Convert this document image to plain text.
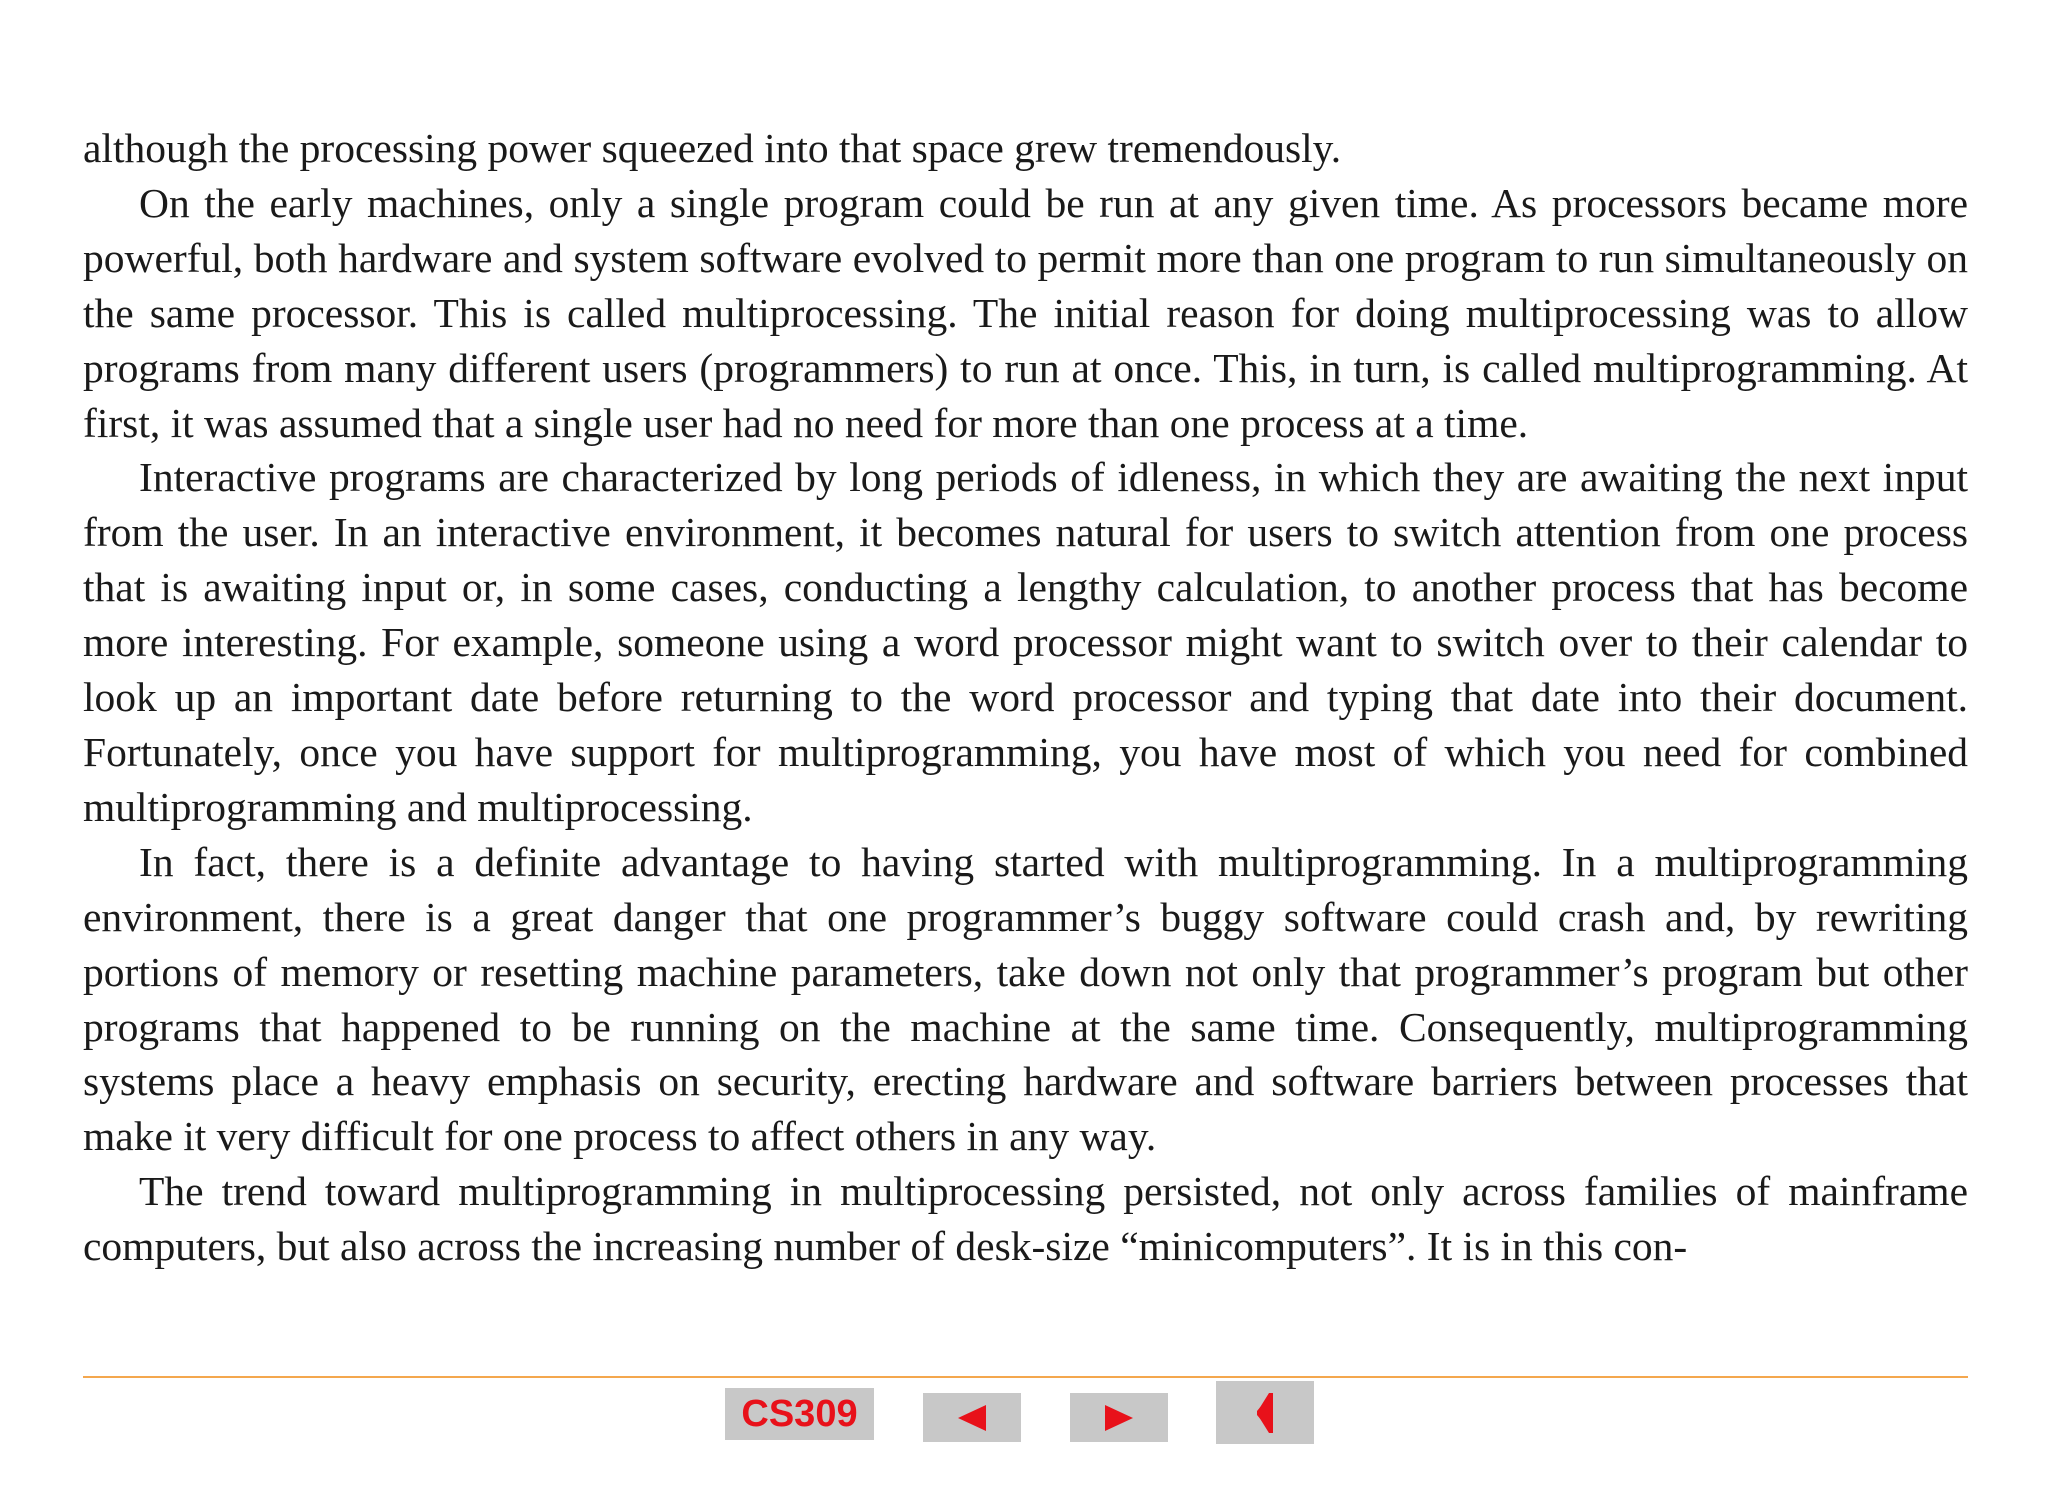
although the processing power squeezed into that space grew tremendously.

On the early machines, only a single program could be run at any given time. As processors became more powerful, both hardware and system software evolved to permit more than one program to run simultaneously on the same processor. This is called multiprocessing. The initial reason for doing multiprocessing was to allow programs from many different users (programmers) to run at once. This, in turn, is called multiprogramming. At first, it was assumed that a single user had no need for more than one process at a time.

Interactive programs are characterized by long periods of idleness, in which they are awaiting the next input from the user. In an interactive environment, it becomes natural for users to switch attention from one process that is awaiting input or, in some cases, conducting a lengthy calculation, to another process that has become more interesting. For example, someone using a word processor might want to switch over to their calendar to look up an important date before returning to the word processor and typing that date into their document. Fortunately, once you have support for multiprogramming, you have most of which you need for combined multiprogramming and multiprocessing.

In fact, there is a definite advantage to having started with multiprogramming. In a multiprogramming environment, there is a great danger that one programmer’s buggy software could crash and, by rewriting portions of memory or resetting machine parameters, take down not only that programmer’s program but other programs that happened to be running on the machine at the same time. Consequently, multiprogramming systems place a heavy emphasis on security, erecting hardware and software barriers between processes that make it very difficult for one process to affect others in any way.

The trend toward multiprogramming in multiprocessing persisted, not only across families of mainframe computers, but also across the increasing number of desk-size “minicomputers”. It is in this con-

CS309
